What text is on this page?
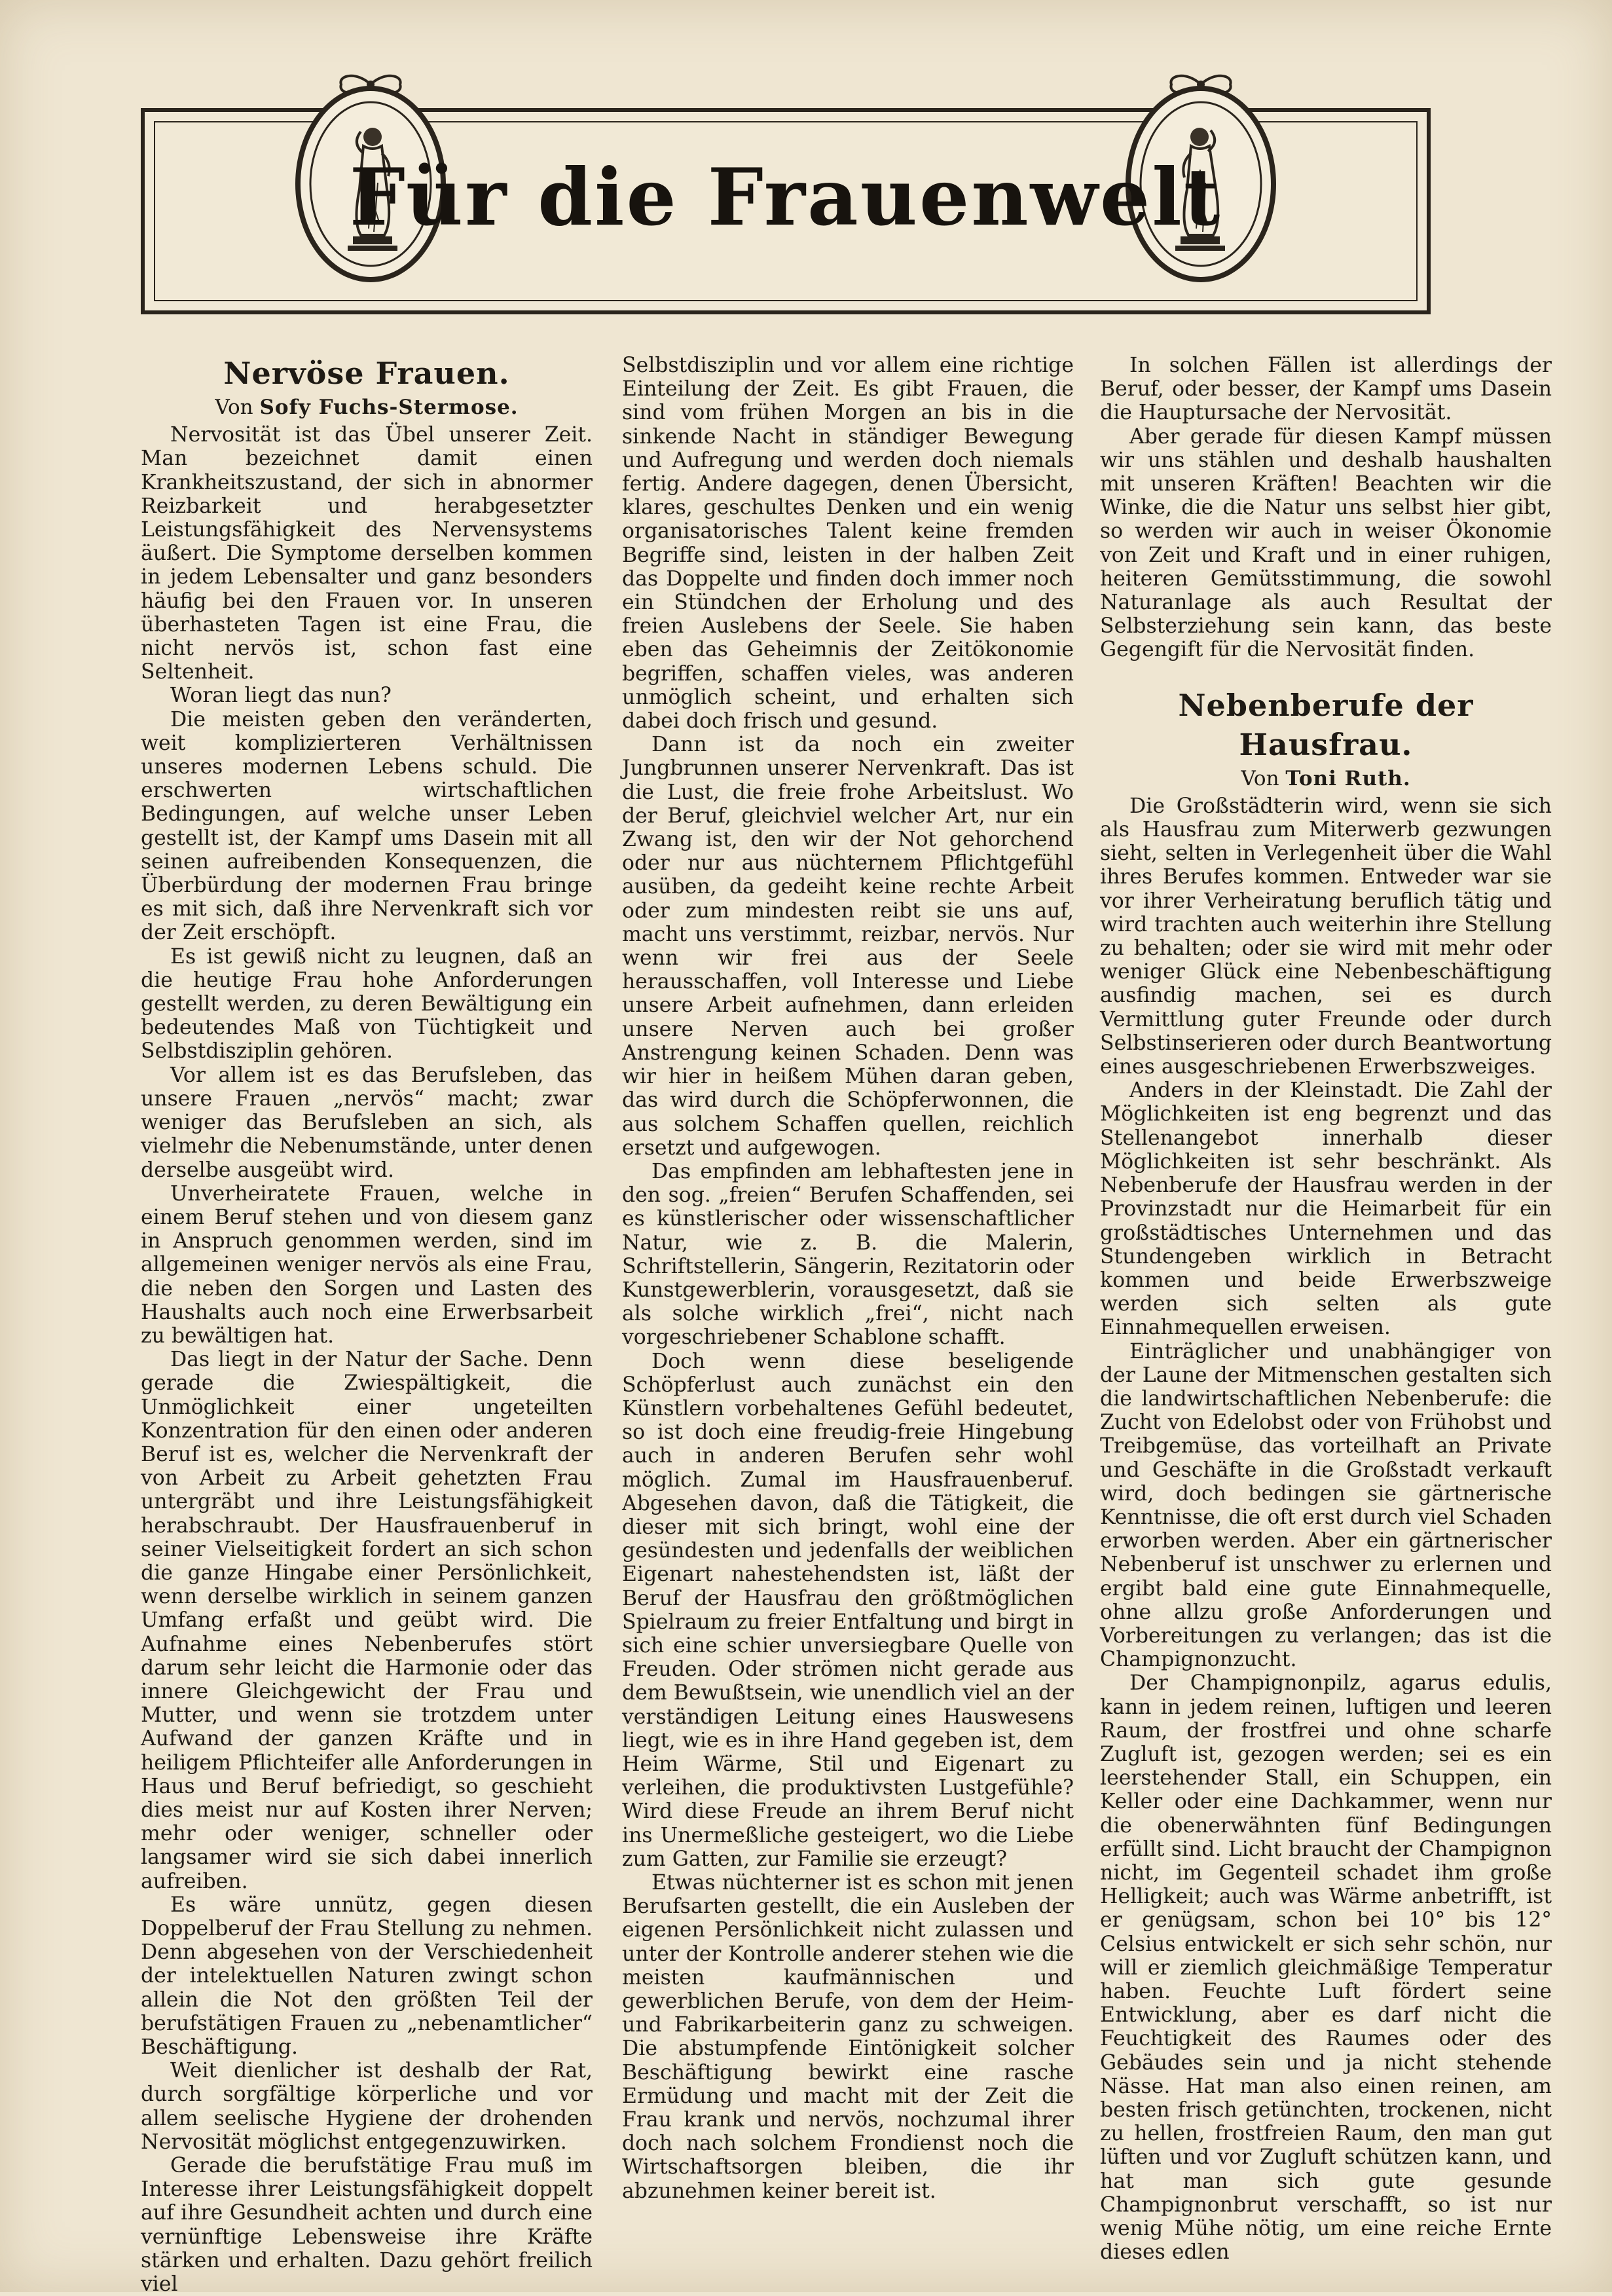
Für die Frauenwelt
Nervöse Frauen.
Von Sofy Fuchs-Stermose.

Nervosität ist das Übel unserer Zeit. Man bezeichnet damit einen Krankheitszustand, der sich in abnormer Reizbarkeit und herabgesetzter Leistungsfähigkeit des Nervensystems äußert. Die Symptome derselben kommen in jedem Lebensalter und ganz besonders häufig bei den Frauen vor. In unseren überhasteten Tagen ist eine Frau, die nicht nervös ist, schon fast eine Seltenheit.

Woran liegt das nun?

Die meisten geben den veränderten, weit komplizierteren Verhältnissen unseres modernen Lebens schuld. Die erschwerten wirtschaftlichen Bedingungen, auf welche unser Leben gestellt ist, der Kampf ums Dasein mit all seinen aufreibenden Konsequenzen, die Überbürdung der modernen Frau bringe es mit sich, daß ihre Nervenkraft sich vor der Zeit erschöpft.

Es ist gewiß nicht zu leugnen, daß an die heutige Frau hohe Anforderungen gestellt werden, zu deren Bewältigung ein bedeutendes Maß von Tüchtigkeit und Selbstdisziplin gehören.

Vor allem ist es das Berufsleben, das unsere Frauen „nervös“ macht; zwar weniger das Berufsleben an sich, als vielmehr die Nebenumstände, unter denen derselbe ausgeübt wird.

Unverheiratete Frauen, welche in einem Beruf stehen und von diesem ganz in Anspruch genommen werden, sind im allgemeinen weniger nervös als eine Frau, die neben den Sorgen und Lasten des Haushalts auch noch eine Erwerbsarbeit zu bewältigen hat.

Das liegt in der Natur der Sache. Denn gerade die Zwiespältigkeit, die Unmöglichkeit einer ungeteilten Konzentration für den einen oder anderen Beruf ist es, welcher die Nervenkraft der von Arbeit zu Arbeit gehetzten Frau untergräbt und ihre Leistungsfähigkeit herabschraubt. Der Hausfrauenberuf in seiner Vielseitigkeit fordert an sich schon die ganze Hingabe einer Persönlichkeit, wenn derselbe wirklich in seinem ganzen Umfang erfaßt und geübt wird. Die Aufnahme eines Nebenberufes stört darum sehr leicht die Harmonie oder das innere Gleichgewicht der Frau und Mutter, und wenn sie trotzdem unter Aufwand der ganzen Kräfte und in heiligem Pflichteifer alle Anforderungen in Haus und Beruf befriedigt, so geschieht dies meist nur auf Kosten ihrer Nerven; mehr oder weniger, schneller oder langsamer wird sie sich dabei innerlich aufreiben.

Es wäre unnütz, gegen diesen Doppelberuf der Frau Stellung zu nehmen. Denn abgesehen von der Verschiedenheit der intelektuellen Naturen zwingt schon allein die Not den größten Teil der berufstätigen Frauen zu „nebenamtlicher“ Beschäftigung.

Weit dienlicher ist deshalb der Rat, durch sorgfältige körperliche und vor allem seelische Hygiene der drohenden Nervosität möglichst entgegenzuwirken.

Gerade die berufstätige Frau muß im Interesse ihrer Leistungsfähigkeit doppelt auf ihre Gesundheit achten und durch eine vernünftige Lebensweise ihre Kräfte stärken und erhalten. Dazu gehört freilich viel

Selbstdisziplin und vor allem eine richtige Einteilung der Zeit. Es gibt Frauen, die sind vom frühen Morgen an bis in die sinkende Nacht in ständiger Bewegung und Aufregung und werden doch niemals fertig. Andere dagegen, denen Übersicht, klares, geschultes Denken und ein wenig organisatorisches Talent keine fremden Begriffe sind, leisten in der halben Zeit das Doppelte und finden doch immer noch ein Stündchen der Erholung und des freien Auslebens der Seele. Sie haben eben das Geheimnis der Zeitökonomie begriffen, schaffen vieles, was anderen unmöglich scheint, und erhalten sich dabei doch frisch und gesund.

Dann ist da noch ein zweiter Jungbrunnen unserer Nervenkraft. Das ist die Lust, die freie frohe Arbeitslust. Wo der Beruf, gleichviel welcher Art, nur ein Zwang ist, den wir der Not gehorchend oder nur aus nüchternem Pflichtgefühl ausüben, da gedeiht keine rechte Arbeit oder zum mindesten reibt sie uns auf, macht uns verstimmt, reizbar, nervös. Nur wenn wir frei aus der Seele herausschaffen, voll Interesse und Liebe unsere Arbeit aufnehmen, dann erleiden unsere Nerven auch bei großer Anstrengung keinen Schaden. Denn was wir hier in heißem Mühen daran geben, das wird durch die Schöpferwonnen, die aus solchem Schaffen quellen, reichlich ersetzt und aufgewogen.

Das empfinden am lebhaftesten jene in den sog. „freien“ Berufen Schaffenden, sei es künstlerischer oder wissenschaftlicher Natur, wie z. B. die Malerin, Schriftstellerin, Sängerin, Rezitatorin oder Kunstgewerblerin, vorausgesetzt, daß sie als solche wirklich „frei“, nicht nach vorgeschriebener Schablone schafft.

Doch wenn diese beseligende Schöpferlust auch zunächst ein den Künstlern vorbehaltenes Gefühl bedeutet, so ist doch eine freudig-freie Hingebung auch in anderen Berufen sehr wohl möglich. Zumal im Hausfrauenberuf. Abgesehen davon, daß die Tätigkeit, die dieser mit sich bringt, wohl eine der gesündesten und jedenfalls der weiblichen Eigenart nahestehendsten ist, läßt der Beruf der Hausfrau den größtmöglichen Spielraum zu freier Entfaltung und birgt in sich eine schier unversiegbare Quelle von Freuden. Oder strömen nicht gerade aus dem Bewußtsein, wie unendlich viel an der verständigen Leitung eines Hauswesens liegt, wie es in ihre Hand gegeben ist, dem Heim Wärme, Stil und Eigenart zu verleihen, die produktivsten Lustgefühle? Wird diese Freude an ihrem Beruf nicht ins Unermeßliche gesteigert, wo die Liebe zum Gatten, zur Familie sie erzeugt?

Etwas nüchterner ist es schon mit jenen Berufsarten gestellt, die ein Ausleben der eigenen Persönlichkeit nicht zulassen und unter der Kontrolle anderer stehen wie die meisten kaufmännischen und gewerblichen Berufe, von dem der Heim- und Fabrikarbeiterin ganz zu schweigen. Die abstumpfende Eintönigkeit solcher Beschäftigung bewirkt eine rasche Ermüdung und macht mit der Zeit die Frau krank und nervös, nochzumal ihrer doch nach solchem Frondienst noch die Wirtschaftsorgen bleiben, die ihr abzunehmen keiner bereit ist.

In solchen Fällen ist allerdings der Beruf, oder besser, der Kampf ums Dasein die Hauptursache der Nervosität.

Aber gerade für diesen Kampf müssen wir uns stählen und deshalb haushalten mit unseren Kräften! Beachten wir die Winke, die die Natur uns selbst hier gibt, so werden wir auch in weiser Ökonomie von Zeit und Kraft und in einer ruhigen, heiteren Gemütsstimmung, die sowohl Naturanlage als auch Resultat der Selbsterziehung sein kann, das beste Gegengift für die Nervosität finden.

Nebenberufe der Hausfrau.
Von Toni Ruth.

Die Großstädterin wird, wenn sie sich als Hausfrau zum Miterwerb gezwungen sieht, selten in Verlegenheit über die Wahl ihres Berufes kommen. Entweder war sie vor ihrer Verheiratung beruflich tätig und wird trachten auch weiterhin ihre Stellung zu behalten; oder sie wird mit mehr oder weniger Glück eine Nebenbeschäftigung ausfindig machen, sei es durch Vermittlung guter Freunde oder durch Selbstinserieren oder durch Beantwortung eines ausgeschriebenen Erwerbszweiges.

Anders in der Kleinstadt. Die Zahl der Möglichkeiten ist eng begrenzt und das Stellenangebot innerhalb dieser Möglichkeiten ist sehr beschränkt. Als Nebenberufe der Hausfrau werden in der Provinzstadt nur die Heimarbeit für ein großstädtisches Unternehmen und das Stundengeben wirklich in Betracht kommen und beide Erwerbszweige werden sich selten als gute Einnahmequellen erweisen.

Einträglicher und unabhängiger von der Laune der Mitmenschen gestalten sich die landwirtschaftlichen Nebenberufe: die Zucht von Edelobst oder von Frühobst und Treibgemüse, das vorteilhaft an Private und Geschäfte in die Großstadt verkauft wird, doch bedingen sie gärtnerische Kenntnisse, die oft erst durch viel Schaden erworben werden. Aber ein gärtnerischer Nebenberuf ist unschwer zu erlernen und ergibt bald eine gute Einnahmequelle, ohne allzu große Anforderungen und Vorbereitungen zu verlangen; das ist die Champignonzucht.

Der Champignonpilz, agarus edulis, kann in jedem reinen, luftigen und leeren Raum, der frostfrei und ohne scharfe Zugluft ist, gezogen werden; sei es ein leerstehender Stall, ein Schuppen, ein Keller oder eine Dachkammer, wenn nur die obenerwähnten fünf Bedingungen erfüllt sind. Licht braucht der Champignon nicht, im Gegenteil schadet ihm große Helligkeit; auch was Wärme anbetrifft, ist er genügsam, schon bei 10° bis 12° Celsius entwickelt er sich sehr schön, nur will er ziemlich gleichmäßige Temperatur haben. Feuchte Luft fördert seine Entwicklung, aber es darf nicht die Feuchtigkeit des Raumes oder des Gebäudes sein und ja nicht stehende Nässe. Hat man also einen reinen, am besten frisch getünchten, trockenen, nicht zu hellen, frostfreien Raum, den man gut lüften und vor Zugluft schützen kann, und hat man sich gute gesunde Champignonbrut verschafft, so ist nur wenig Mühe nötig, um eine reiche Ernte dieses edlen
